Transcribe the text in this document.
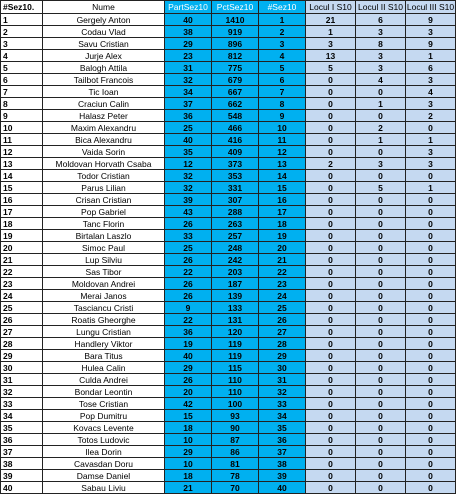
#Sez10.	Nume	PartSez10	PctSez10	#Sez10	Locul I S10	Locul II S10	Locul III S10
1	Gergely Anton	40	1410	1	21	6	9
2	Codau Vlad	38	919	2	1	3	3
3	Savu Cristian	29	896	3	3	8	9
4	Jurje Alex	23	812	4	13	3	1
5	Balogh Attila	31	775	5	5	3	6
6	Tailbot Francois	32	679	6	0	4	3
7	Tic Ioan	34	667	7	0	0	4
8	Craciun Calin	37	662	8	0	1	3
9	Halasz Peter	36	548	9	0	0	2
10	Maxim Alexandru	25	466	10	0	2	0
11	Bica Alexandru	40	416	11	0	1	1
12	Vaida Sorin	35	409	12	0	0	3
13	Moldovan Horvath Csaba	12	373	13	2	3	3
14	Todor Cristian	32	353	14	0	0	0
15	Parus Lilian	32	331	15	0	5	1
16	Crisan Cristian	39	307	16	0	0	0
17	Pop Gabriel	43	288	17	0	0	0
18	Tanc Florin	26	263	18	0	0	0
19	Birtalan Laszlo	33	257	19	0	0	0
20	Simoc Paul	25	248	20	0	0	0
21	Lup Silviu	26	242	21	0	0	0
22	Sas Tibor	22	203	22	0	0	0
23	Moldovan Andrei	26	187	23	0	0	0
24	Merai Janos	26	139	24	0	0	0
25	Tasciancu Cristi	9	133	25	0	0	0
26	Roatis Gheorghe	22	131	26	0	0	0
27	Lungu Cristian	36	120	27	0	0	0
28	Handlery Viktor	19	119	28	0	0	0
29	Bara Titus	40	119	29	0	0	0
30	Hulea Calin	29	115	30	0	0	0
31	Culda Andrei	26	110	31	0	0	0
32	Bondar Leontin	20	110	32	0	0	0
33	Tose Cristian	42	100	33	0	0	0
34	Pop Dumitru	15	93	34	0	0	0
35	Kovacs Levente	18	90	35	0	0	0
36	Totos Ludovic	10	87	36	0	0	0
37	Ilea Dorin	29	86	37	0	0	0
38	Cavasdan Doru	10	81	38	0	0	0
39	Damse Daniel	18	78	39	0	0	0
40	Sabau Liviu	21	70	40	0	0	0
